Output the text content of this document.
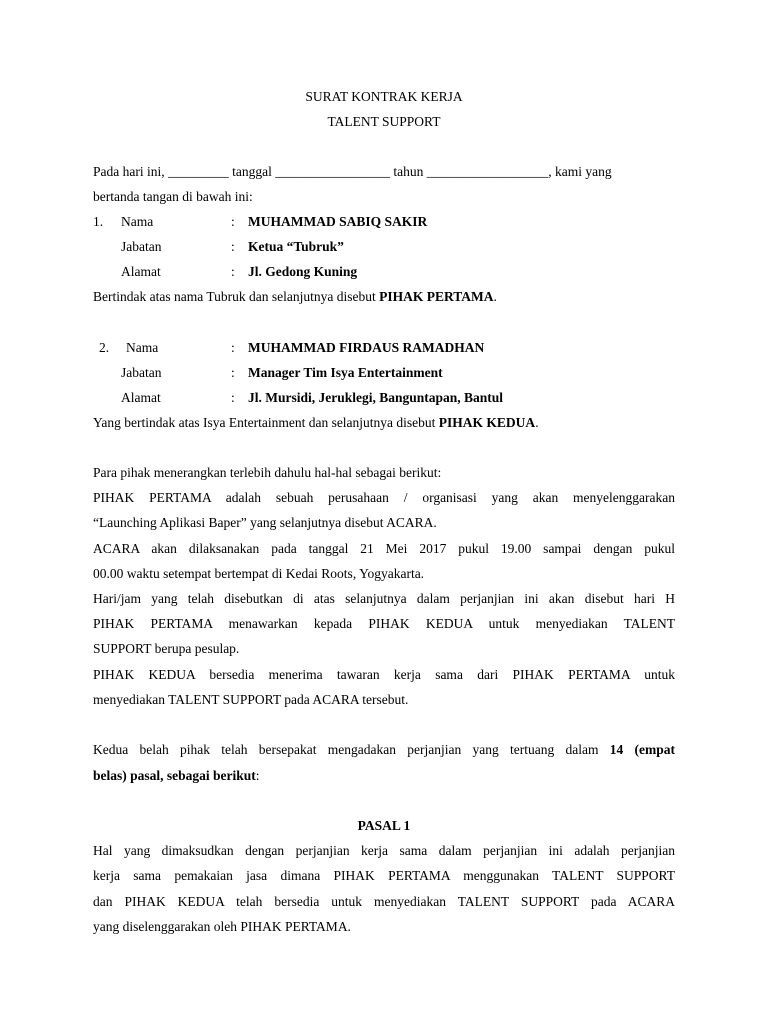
SURAT KONTRAK KERJA
TALENT SUPPORT
Pada hari ini, _________ tanggal _________________ tahun __________________, kami yang
bertanda tangan di bawah ini:
1. Nama	: MUHAMMAD SABIQ SAKIR
Jabatan	: Ketua “Tubruk”
Alamat	: Jl. Gedong Kuning
Bertindak atas nama Tubruk dan selanjutnya disebut PIHAK PERTAMA.
2. Nama	: MUHAMMAD FIRDAUS RAMADHAN
Jabatan	: Manager Tim Isya Entertainment
Alamat	: Jl. Mursidi, Jeruklegi, Banguntapan, Bantul
Yang bertindak atas Isya Entertainment dan selanjutnya disebut PIHAK KEDUA.
Para pihak menerangkan terlebih dahulu hal-hal sebagai berikut:
PIHAK PERTAMA adalah sebuah perusahaan / organisasi yang akan menyelenggarakan
“Launching Aplikasi Baper” yang selanjutnya disebut ACARA.
ACARA akan dilaksanakan pada tanggal 21 Mei 2017 pukul 19.00 sampai dengan pukul
00.00 waktu setempat bertempat di Kedai Roots, Yogyakarta.
Hari/jam yang telah disebutkan di atas selanjutnya dalam perjanjian ini akan disebut hari H
PIHAK PERTAMA menawarkan kepada PIHAK KEDUA untuk menyediakan TALENT
SUPPORT berupa pesulap.
PIHAK KEDUA bersedia menerima tawaran kerja sama dari PIHAK PERTAMA untuk
menyediakan TALENT SUPPORT pada ACARA tersebut.
Kedua belah pihak telah bersepakat mengadakan perjanjian yang tertuang dalam 14 (empat
belas) pasal, sebagai berikut:
PASAL 1
Hal yang dimaksudkan dengan perjanjian kerja sama dalam perjanjian ini adalah perjanjian
kerja sama pemakaian jasa dimana PIHAK PERTAMA menggunakan TALENT SUPPORT
dan PIHAK KEDUA telah bersedia untuk menyediakan TALENT SUPPORT pada ACARA
yang diselenggarakan oleh PIHAK PERTAMA.
